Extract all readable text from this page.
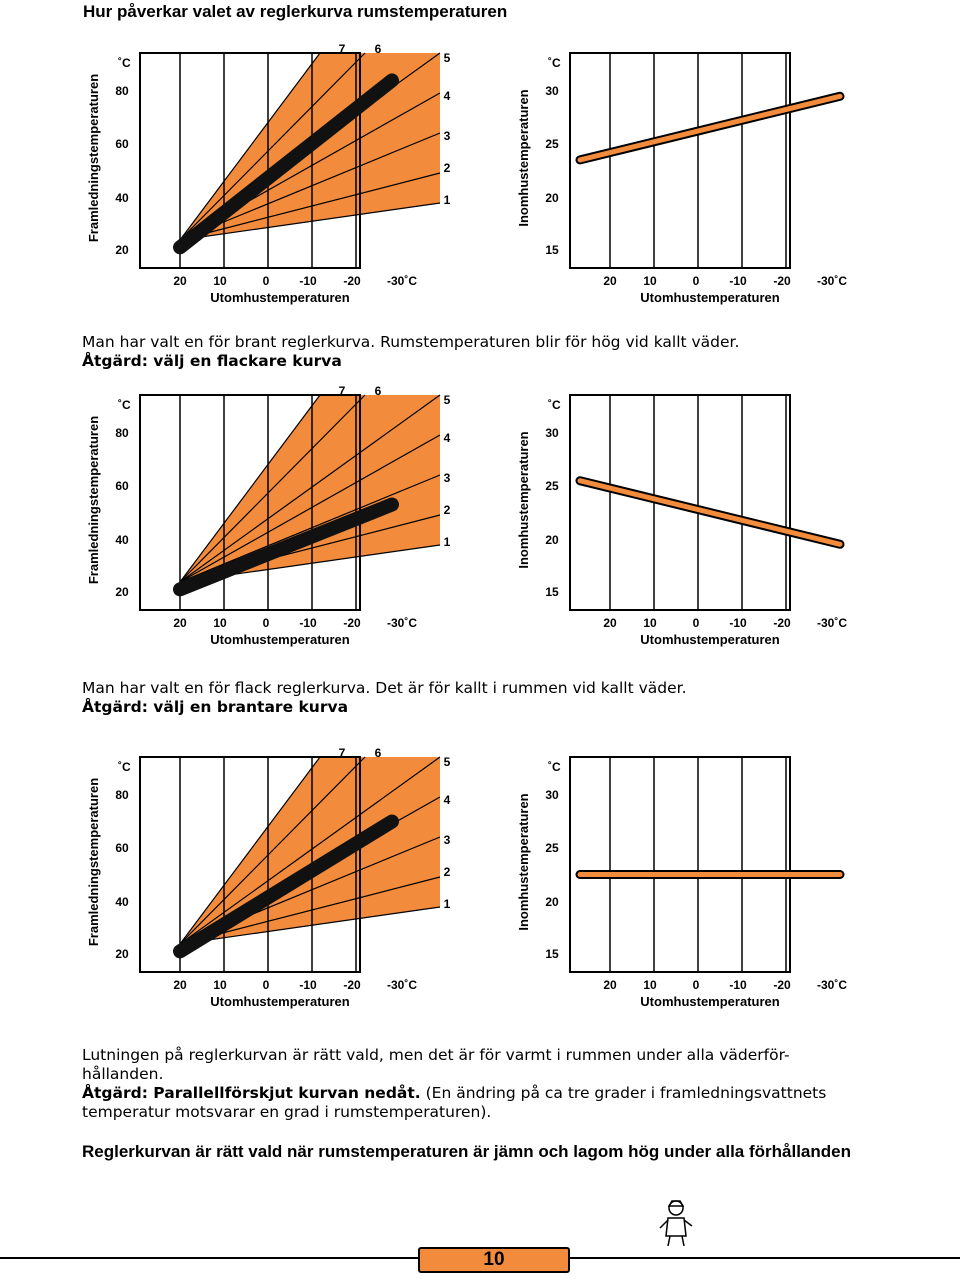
Hur påverkar valet av reglerkurva rumstemperaturen
Framledningstemperaturen
˚C
80
60
40
20
7 6
5
4
3
2
1
20 10	0 -10 -20 -30˚C
Utomhustemperaturen
Inomhustemperaturen
˚C
30
25
20
15
20 10	0 -10 -20 -30˚C
Utomhustemperaturen
Man har valt en för brant reglerkurva. Rumstemperaturen blir för hög vid kallt väder.
Åtgärd: välj en flackare kurva
Framledningstemperaturen
˚C
80
60
40
20
7 6
5
4
3
2
1
20 10	0 -10 -20 -30˚C
Utomhustemperaturen
Inomhustemperaturen
˚C
30
25
20
15
20 10	0 -10 -20 -30˚C
Utomhustemperaturen
Man har valt en för flack reglerkurva. Det är för kallt i rummen vid kallt väder.
Åtgärd: välj en brantare kurva
Framledningstemperaturen
˚C
80
60
40
20
7 6
5
4
3
2
1
20 10	0 -10 -20 -30˚C
Utomhustemperaturen
Inomhustemperaturen
˚C
30
25
20
15
20 10	0 -10 -20 -30˚C
Utomhustemperaturen
Lutningen på reglerkurvan är rätt vald, men det är för varmt i rummen under alla väderför-
hållanden.
Åtgärd: Parallellförskjut kurvan nedåt. (En ändring på ca tre grader i framledningsvattnets
temperatur motsvarar en grad i rumstemperaturen).
Reglerkurvan är rätt vald när rumstemperaturen är jämn och lagom hög under alla förhållanden
10
